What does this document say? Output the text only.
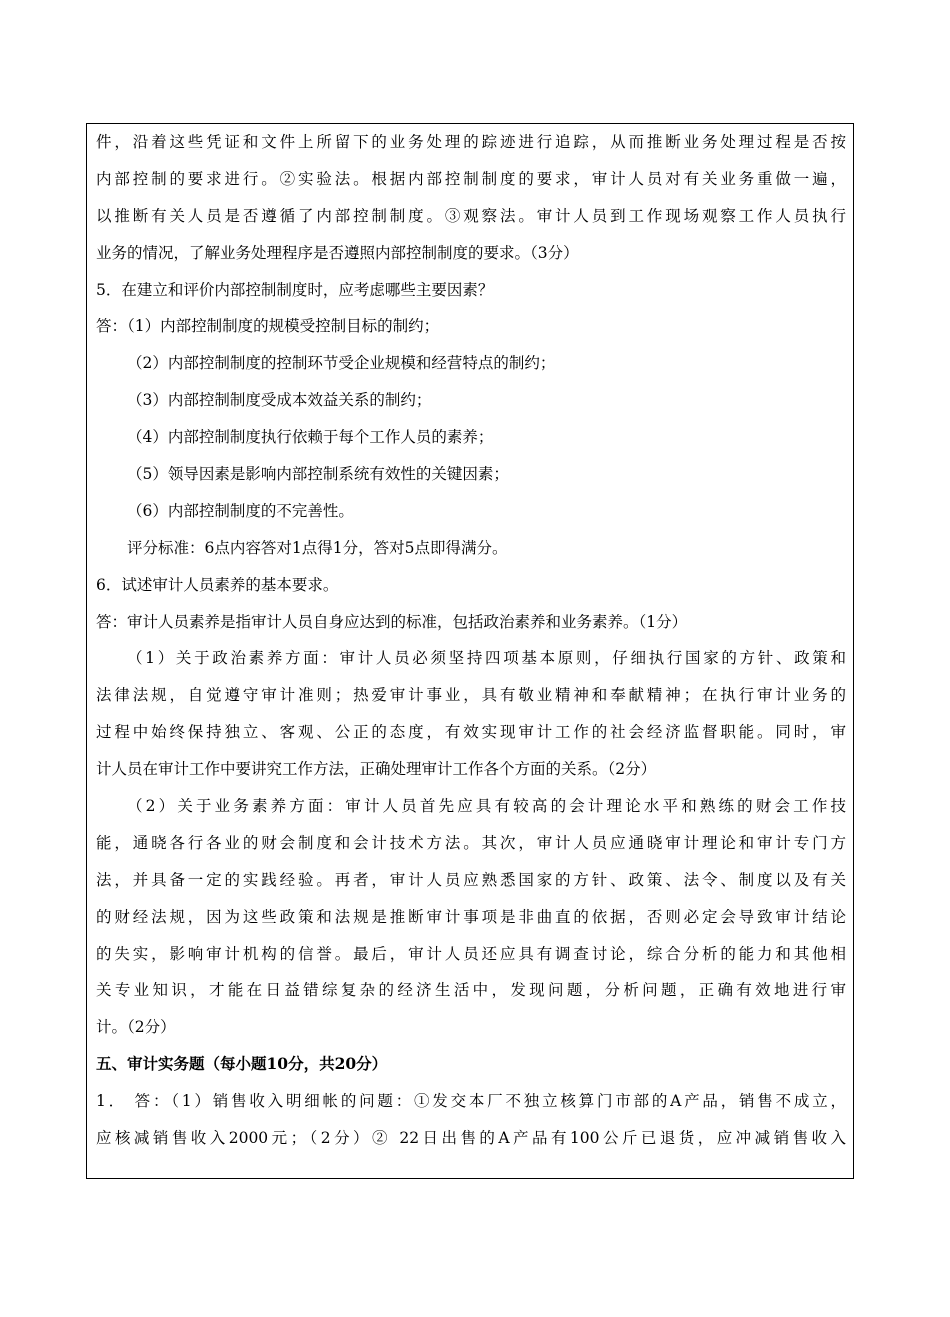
件，沿着这些凭证和文件上所留下的业务处理的踪迹进行追踪，从而推断业务处理过程是否按
内部控制的要求进行。②实验法。根据内部控制制度的要求，审计人员对有关业务重做一遍，
以推断有关人员是否遵循了内部控制制度。③观察法。审计人员到工作现场观察工作人员执行
业务的情况，了解业务处理程序是否遵照内部控制制度的要求。（3分）
5．在建立和评价内部控制制度时，应考虑哪些主要因素？
答：（1）内部控制制度的规模受控制目标的制约；
（2）内部控制制度的控制环节受企业规模和经营特点的制约；
（3）内部控制制度受成本效益关系的制约；
（4）内部控制制度执行依赖于每个工作人员的素养；
（5）领导因素是影响内部控制系统有效性的关键因素；
（6）内部控制制度的不完善性。
评分标准：6点内容答对1点得1分，答对5点即得满分。
6．试述审计人员素养的基本要求。
答：审计人员素养是指审计人员自身应达到的标准，包括政治素养和业务素养。（1分）
（1）关于政治素养方面：审计人员必须坚持四项基本原则，仔细执行国家的方针、政策和
法律法规，自觉遵守审计准则；热爱审计事业，具有敬业精神和奉献精神；在执行审计业务的
过程中始终保持独立、客观、公正的态度，有效实现审计工作的社会经济监督职能。同时，审
计人员在审计工作中要讲究工作方法，正确处理审计工作各个方面的关系。（2分）
（2）关于业务素养方面：审计人员首先应具有较高的会计理论水平和熟练的财会工作技
能，通晓各行各业的财会制度和会计技术方法。其次，审计人员应通晓审计理论和审计专门方
法，并具备一定的实践经验。再者，审计人员应熟悉国家的方针、政策、法令、制度以及有关
的财经法规，因为这些政策和法规是推断审计事项是非曲直的依据，否则必定会导致审计结论
的失实，影响审计机构的信誉。最后，审计人员还应具有调查讨论，综合分析的能力和其他相
关专业知识，才能在日益错综复杂的经济生活中，发现问题，分析问题，正确有效地进行审
计。（2分）
五、审计实务题（每小题10分，共20分）
1． 答：（1）销售收入明细帐的问题：①发交本厂不独立核算门市部的A产品，销售不成立，
应核减销售收入2000元；（2分）② 22日出售的A产品有100公斤已退货，应冲减销售收入
